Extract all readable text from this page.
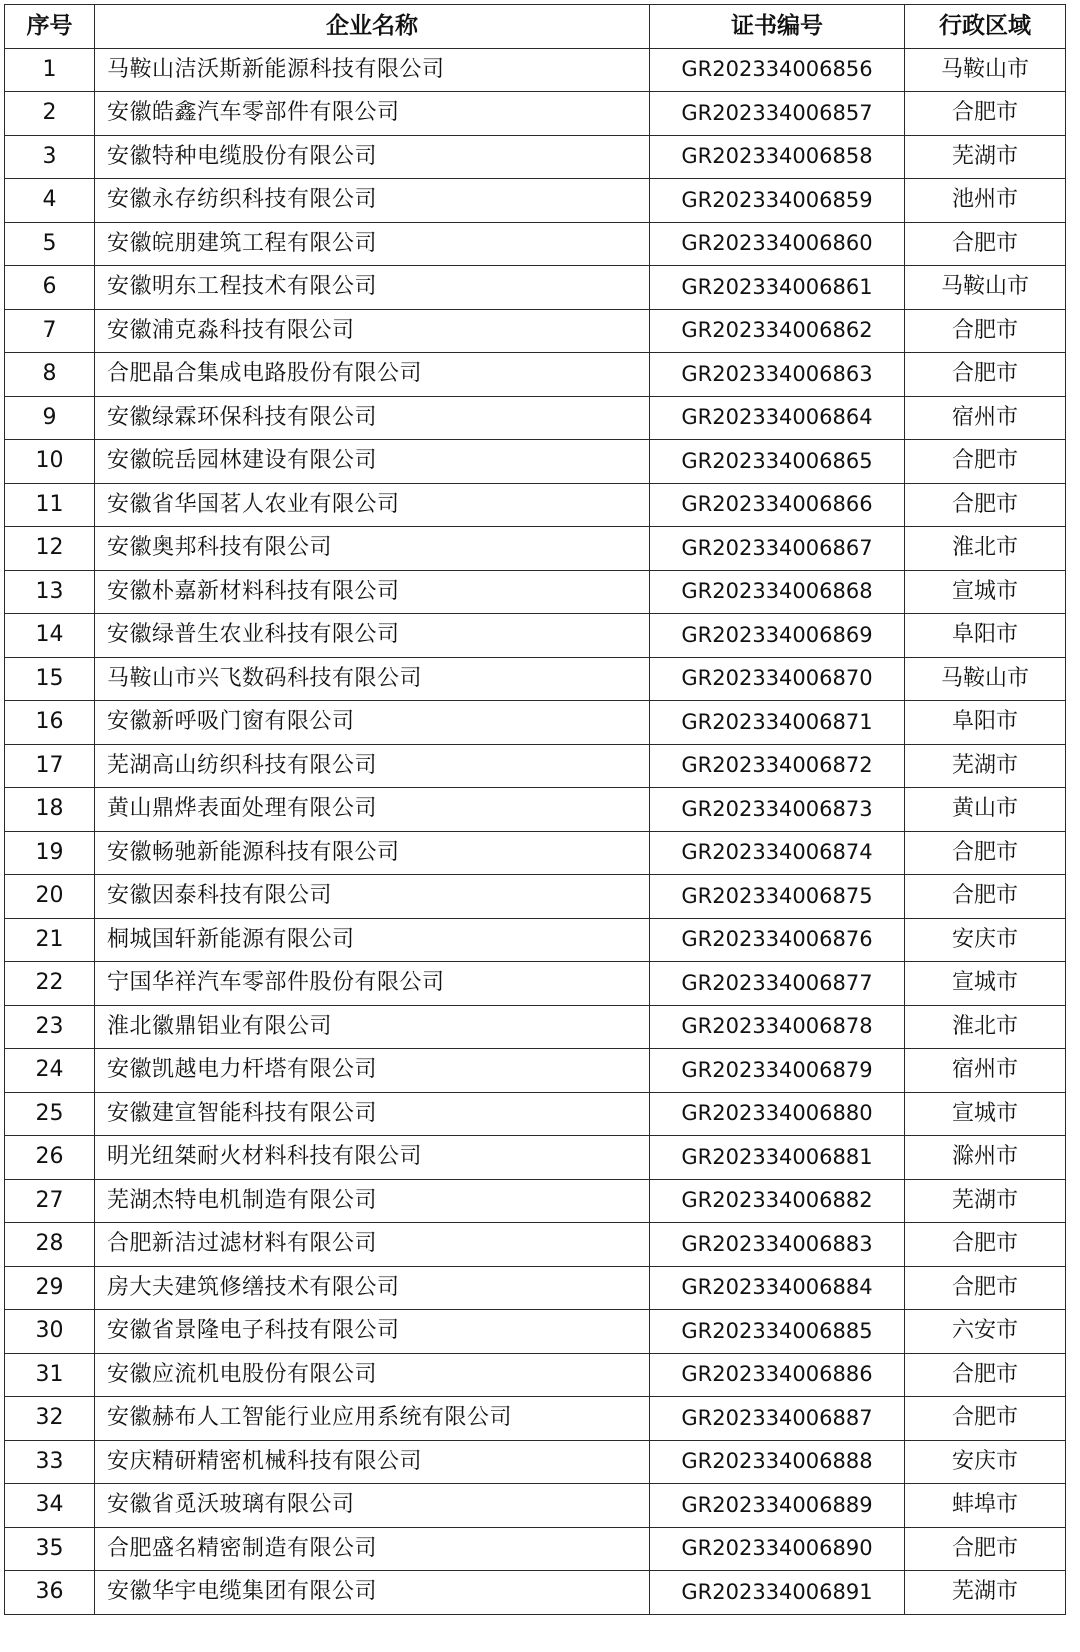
序号	企业名称	证书编号	行政区域
1	马鞍山洁沃斯新能源科技有限公司	GR202334006856	马鞍山市
2	安徽皓鑫汽车零部件有限公司	GR202334006857	合肥市
3	安徽特种电缆股份有限公司	GR202334006858	芜湖市
4	安徽永存纺织科技有限公司	GR202334006859	池州市
5	安徽皖朋建筑工程有限公司	GR202334006860	合肥市
6	安徽明东工程技术有限公司	GR202334006861	马鞍山市
7	安徽浦克淼科技有限公司	GR202334006862	合肥市
8	合肥晶合集成电路股份有限公司	GR202334006863	合肥市
9	安徽绿霖环保科技有限公司	GR202334006864	宿州市
10	安徽皖岳园林建设有限公司	GR202334006865	合肥市
11	安徽省华国茗人农业有限公司	GR202334006866	合肥市
12	安徽奥邦科技有限公司	GR202334006867	淮北市
13	安徽朴嘉新材料科技有限公司	GR202334006868	宣城市
14	安徽绿普生农业科技有限公司	GR202334006869	阜阳市
15	马鞍山市兴飞数码科技有限公司	GR202334006870	马鞍山市
16	安徽新呼吸门窗有限公司	GR202334006871	阜阳市
17	芜湖高山纺织科技有限公司	GR202334006872	芜湖市
18	黄山鼎烨表面处理有限公司	GR202334006873	黄山市
19	安徽畅驰新能源科技有限公司	GR202334006874	合肥市
20	安徽因泰科技有限公司	GR202334006875	合肥市
21	桐城国轩新能源有限公司	GR202334006876	安庆市
22	宁国华祥汽车零部件股份有限公司	GR202334006877	宣城市
23	淮北徽鼎铝业有限公司	GR202334006878	淮北市
24	安徽凯越电力杆塔有限公司	GR202334006879	宿州市
25	安徽建宣智能科技有限公司	GR202334006880	宣城市
26	明光纽桀耐火材料科技有限公司	GR202334006881	滁州市
27	芜湖杰特电机制造有限公司	GR202334006882	芜湖市
28	合肥新洁过滤材料有限公司	GR202334006883	合肥市
29	房大夫建筑修缮技术有限公司	GR202334006884	合肥市
30	安徽省景隆电子科技有限公司	GR202334006885	六安市
31	安徽应流机电股份有限公司	GR202334006886	合肥市
32	安徽赫布人工智能行业应用系统有限公司	GR202334006887	合肥市
33	安庆精研精密机械科技有限公司	GR202334006888	安庆市
34	安徽省觅沃玻璃有限公司	GR202334006889	蚌埠市
35	合肥盛名精密制造有限公司	GR202334006890	合肥市
36	安徽华宇电缆集团有限公司	GR202334006891	芜湖市
